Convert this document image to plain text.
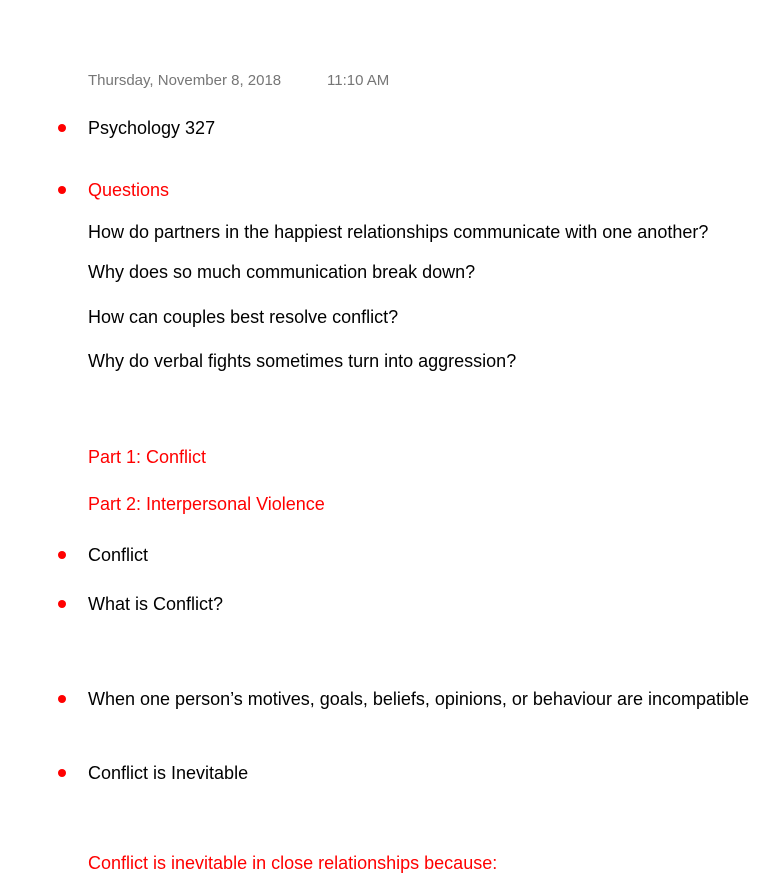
Thursday, November 8, 2018	11:10 AM
Psychology 327
Questions
How do partners in the happiest relationships communicate with one another?
Why does so much communication break down?
How can couples best resolve conflict?
Why do verbal fights sometimes turn into aggression?
Part 1: Conflict
Part 2: Interpersonal Violence
Conflict
What is Conflict?
When one person’s motives, goals, beliefs, opinions, or behaviour are incompatible
Conflict is Inevitable
Conflict is inevitable in close relationships because:
